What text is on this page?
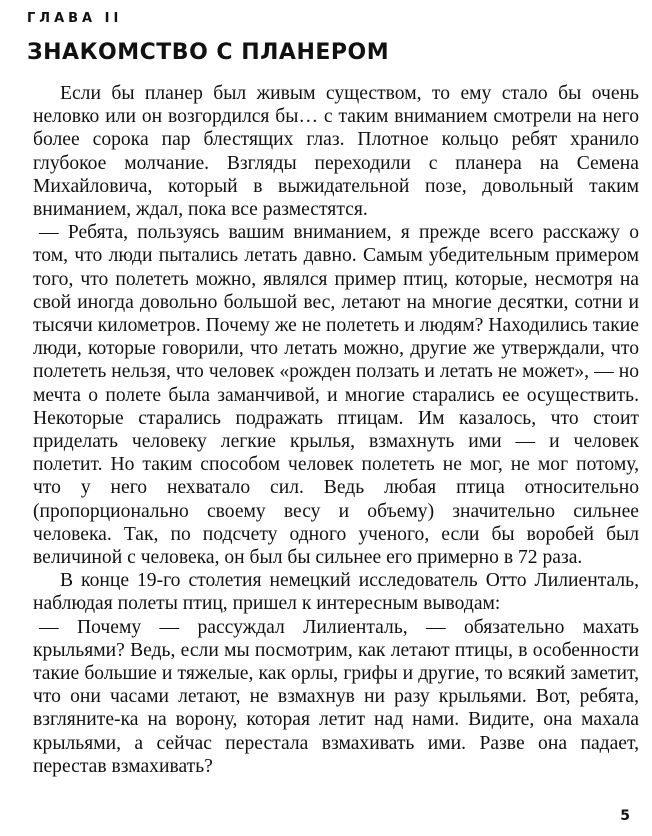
ГЛАВА II
ЗНАКОМСТВО С ПЛАНЕРОМ

Если бы планер был живым существом, то ему стало бы очень неловко или он возгордился бы… с таким вниманием смотрели на него более сорока пар блестящих глаз. Плотное кольцо ребят хранило глубокое молчание. Взгляды переходили с планера на Семена Михайловича, который в выжидательной позе, довольный таким вниманием, ждал, пока все разместятся.

— Ребята, пользуясь вашим вниманием, я прежде всего расскажу о том, что люди пытались летать давно. Самым убедительным примером того, что полететь можно, являлся пример птиц, которые, несмотря на свой иногда довольно большой вес, летают на многие десятки, сотни и тысячи километров. Почему же не полететь и людям? Находились такие люди, которые говорили, что летать можно, другие же утверждали, что полететь нельзя, что человек «рожден ползать и летать не может», — но мечта о полете была заманчивой, и многие старались ее осуществить. Некоторые старались подражать птицам. Им казалось, что стоит приделать человеку легкие крылья, взмахнуть ими — и человек полетит. Но таким способом человек полететь не мог, не мог потому, что у него нехватало сил. Ведь любая птица относительно (пропорционально своему весу и объему) значительно сильнее человека. Так, по подсчету одного ученого, если бы воробей был величиной с человека, он был бы сильнее его примерно в 72 раза.

В конце 19-го столетия немецкий исследователь Отто Лилиенталь, наблюдая полеты птиц, пришел к интересным выводам:

— Почему — рассуждал Лилиенталь, — обязательно махать крыльями? Ведь, если мы посмотрим, как летают птицы, в особенности такие большие и тяжелые, как орлы, грифы и другие, то всякий заметит, что они часами летают, не взмахнув ни разу крыльями. Вот, ребята, взгляните-ка на ворону, которая летит над нами. Видите, она махала крыльями, а сейчас перестала взмахивать ими. Разве она падает, перестав взмахивать?

5
